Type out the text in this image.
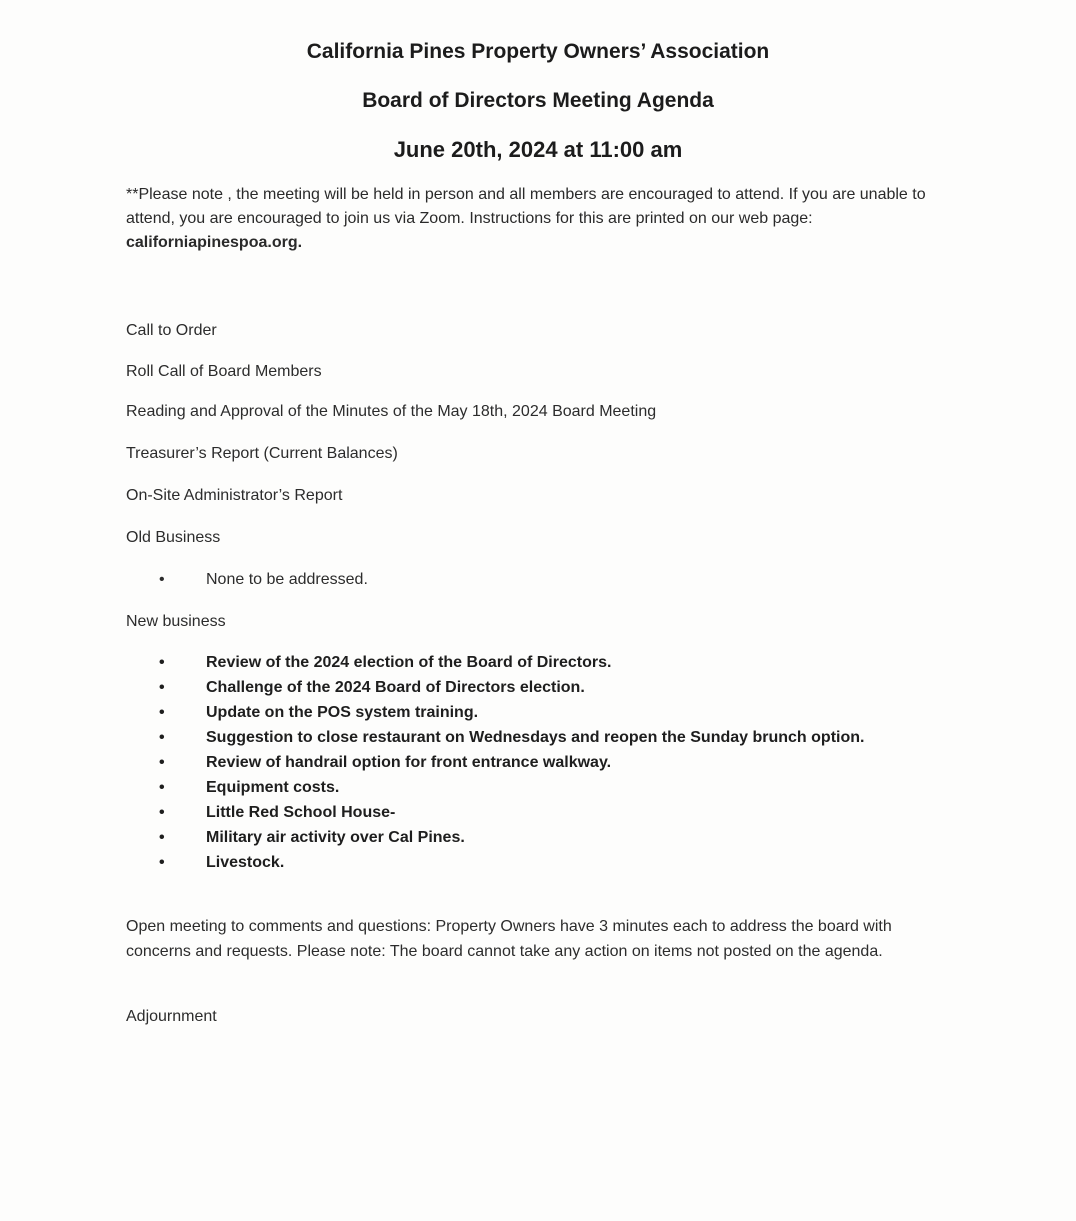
California Pines Property Owners’ Association
Board of Directors Meeting Agenda
June 20th, 2024 at 11:00 am
**Please note , the meeting will be held in person and all members are encouraged to attend. If you are unable to attend, you are encouraged to join us via Zoom. Instructions for this are printed on our web page: californiapinespoa.org.
Call to Order
Roll Call of Board Members
Reading and Approval of the Minutes of the May 18th, 2024 Board Meeting
Treasurer’s Report (Current Balances)
On-Site Administrator’s Report
Old Business
•	None to be addressed.
New business
•	Review of the 2024 election of the Board of Directors.
•	Challenge of the 2024 Board of Directors election.
•	Update on the POS system training.
•	Suggestion to close restaurant on Wednesdays and reopen the Sunday brunch option.
•	Review of handrail option for front entrance walkway.
•	Equipment costs.
•	Little Red School House-
•	Military air activity over Cal Pines.
•	Livestock.
Open meeting to comments and questions: Property Owners have 3 minutes each to address the board with concerns and requests. Please note: The board cannot take any action on items not posted on the agenda.
Adjournment
